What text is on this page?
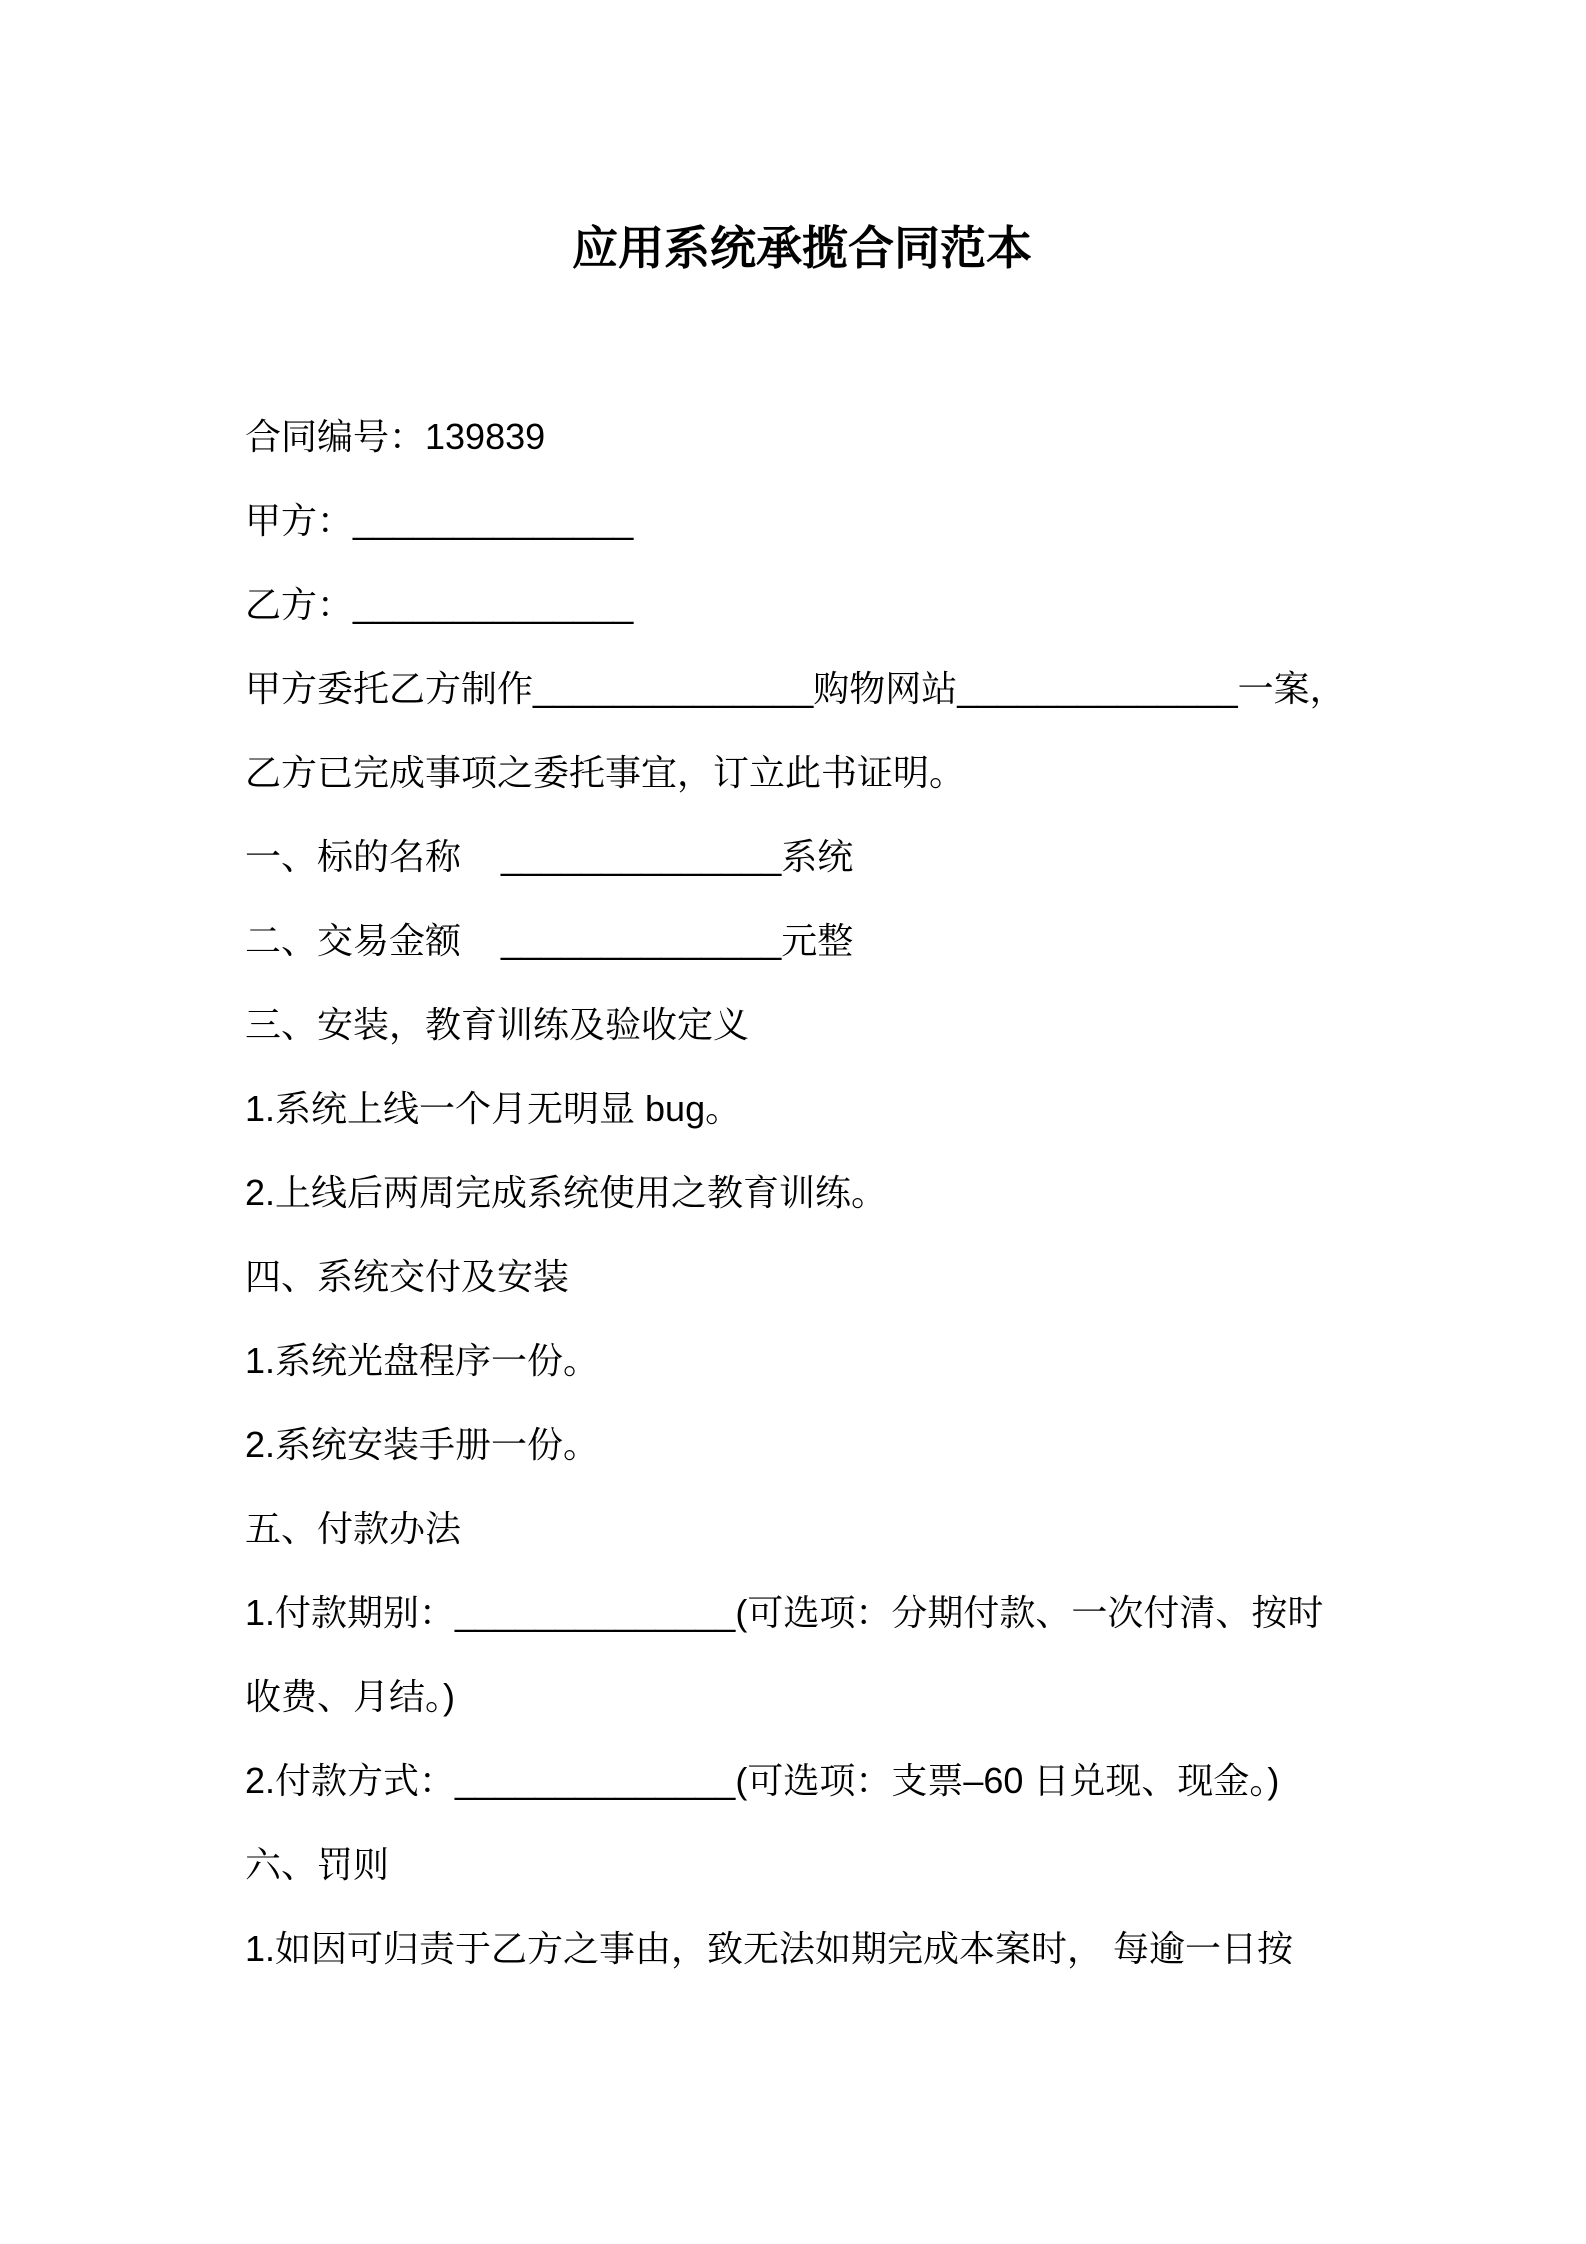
应用系统承揽合同范本
合同编号：139839
甲方：______________
乙方：______________
甲方委托乙方制作______________购物网站______________一案，
乙方已完成事项之委托事宜，订立此书证明。
一、标的名称    ______________系统
二、交易金额    ______________元整
三、安装，教育训练及验收定义
1.系统上线一个月无明显 bug。
2.上线后两周完成系统使用之教育训练。
四、系统交付及安装
1.系统光盘程序一份。
2.系统安装手册一份。
五、付款办法
1.付款期别：______________(可选项：分期付款、一次付清、按时
收费、月结。)
2.付款方式：______________(可选项：支票–60 日兑现、现金。)
六、罚则
1.如因可归责于乙方之事由，致无法如期完成本案时， 每逾一日按
